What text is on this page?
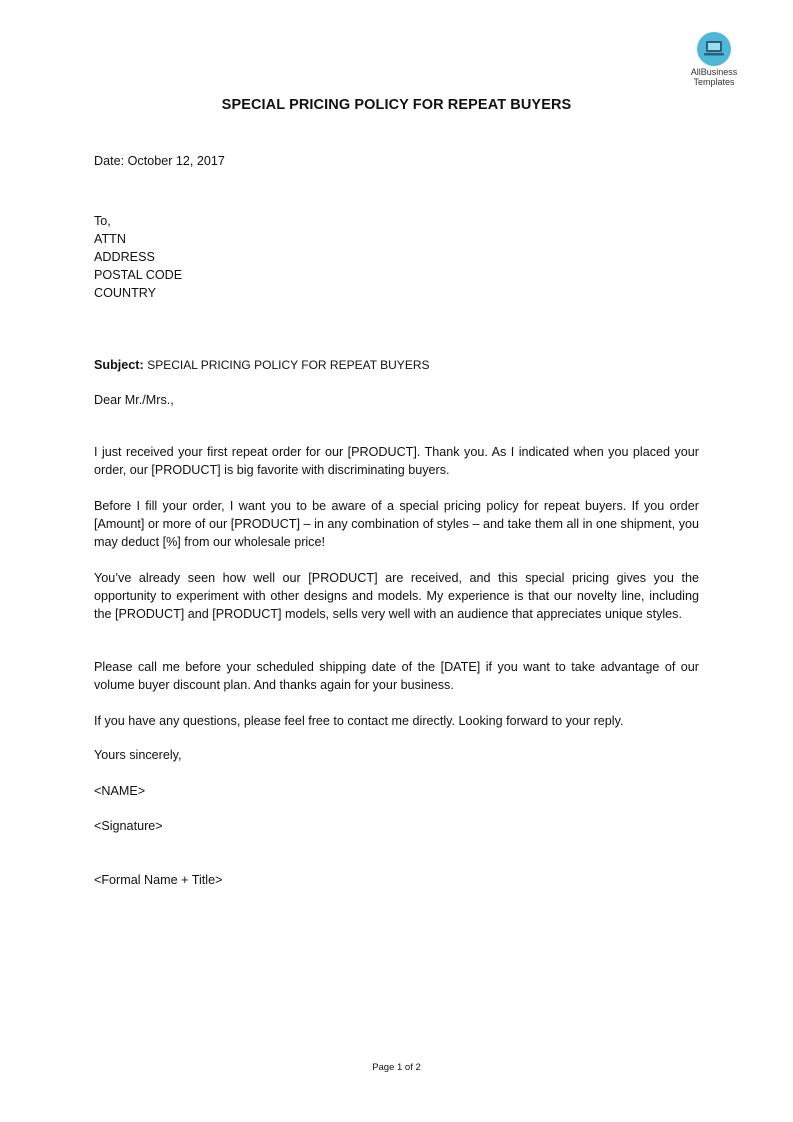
AllBusiness
Templates
SPECIAL PRICING POLICY FOR REPEAT BUYERS
Date: October 12, 2017
To,
ATTN
ADDRESS
POSTAL CODE
COUNTRY
Subject: SPECIAL PRICING POLICY FOR REPEAT BUYERS
Dear Mr./Mrs.,
I just received your first repeat order for our [PRODUCT]. Thank you. As I indicated when you placed your order, our [PRODUCT] is big favorite with discriminating buyers.
Before I fill your order, I want you to be aware of a special pricing policy for repeat buyers. If you order [Amount] or more of our [PRODUCT] – in any combination of styles – and take them all in one shipment, you may deduct [%] from our wholesale price!
You’ve already seen how well our [PRODUCT] are received, and this special pricing gives you the opportunity to experiment with other designs and models. My experience is that our novelty line, including the [PRODUCT] and [PRODUCT] models, sells very well with an audience that appreciates unique styles.
Please call me before your scheduled shipping date of the [DATE] if you want to take advantage of our volume buyer discount plan. And thanks again for your business.
If you have any questions, please feel free to contact me directly. Looking forward to your reply.
Yours sincerely,
<NAME>
<Signature>
<Formal Name + Title>
Page 1 of 2
